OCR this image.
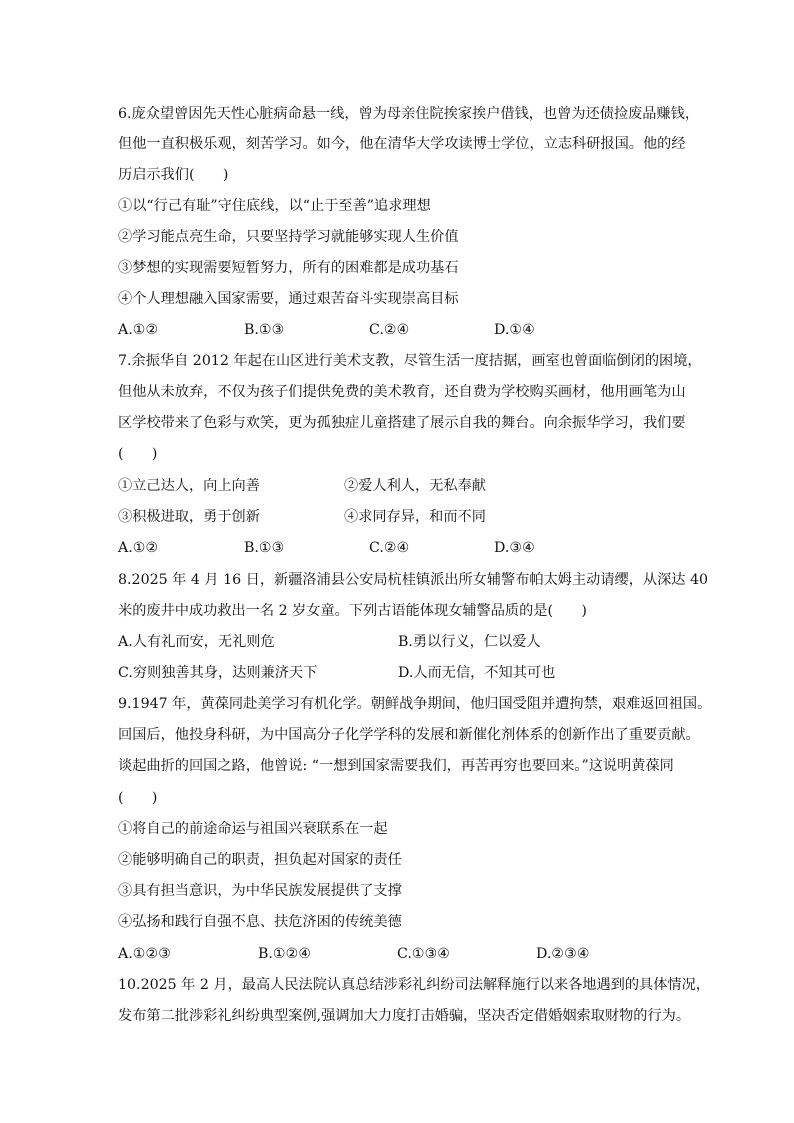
6.庞众望曾因先天性心脏病命悬一线，曾为母亲住院挨家挨户借钱，也曾为还债捡废品赚钱，
但他一直积极乐观，刻苦学习。如今，他在清华大学攻读博士学位，立志科研报国。他的经
历启示我们(　　)
①以“行己有耻”守住底线，以“止于至善”追求理想
②学习能点亮生命，只要坚持学习就能够实现人生价值
③梦想的实现需要短暂努力，所有的困难都是成功基石
④个人理想融入国家需要，通过艰苦奋斗实现崇高目标
A.①②	B.①③	C.②④	D.①④
7.余振华自 2012 年起在山区进行美术支教，尽管生活一度拮据，画室也曾面临倒闭的困境，
但他从未放弃，不仅为孩子们提供免费的美术教育，还自费为学校购买画材，他用画笔为山
区学校带来了色彩与欢笑，更为孤独症儿童搭建了展示自我的舞台。向余振华学习，我们要
(　　)
①立己达人，向上向善	②爱人利人，无私奉献
③积极进取，勇于创新	④求同存异，和而不同
A.①②	B.①③	C.②④	D.③④
8.2025 年 4 月 16 日，新疆洛浦县公安局杭桂镇派出所女辅警布帕太姆主动请缨，从深达 40
米的废井中成功救出一名 2 岁女童。下列古语能体现女辅警品质的是(　　)
A.人有礼而安，无礼则危	B.勇以行义，仁以爱人
C.穷则独善其身，达则兼济天下	D.人而无信，不知其可也
9.1947 年，黄葆同赴美学习有机化学。朝鲜战争期间，他归国受阻并遭拘禁，艰难返回祖国。
回国后，他投身科研，为中国高分子化学学科的发展和新催化剂体系的创新作出了重要贡献。
谈起曲折的回国之路，他曾说: “一想到国家需要我们，再苦再穷也要回来。”这说明黄葆同
(　　)
①将自己的前途命运与祖国兴衰联系在一起
②能够明确自己的职责，担负起对国家的责任
③具有担当意识，为中华民族发展提供了支撑
④弘扬和践行自强不息、扶危济困的传统美德
A.①②③	B.①②④	C.①③④	D.②③④
10.2025 年 2 月，最高人民法院认真总结涉彩礼纠纷司法解释施行以来各地遇到的具体情况，
发布第二批涉彩礼纠纷典型案例,强调加大力度打击婚骗，坚决否定借婚姻索取财物的行为。
